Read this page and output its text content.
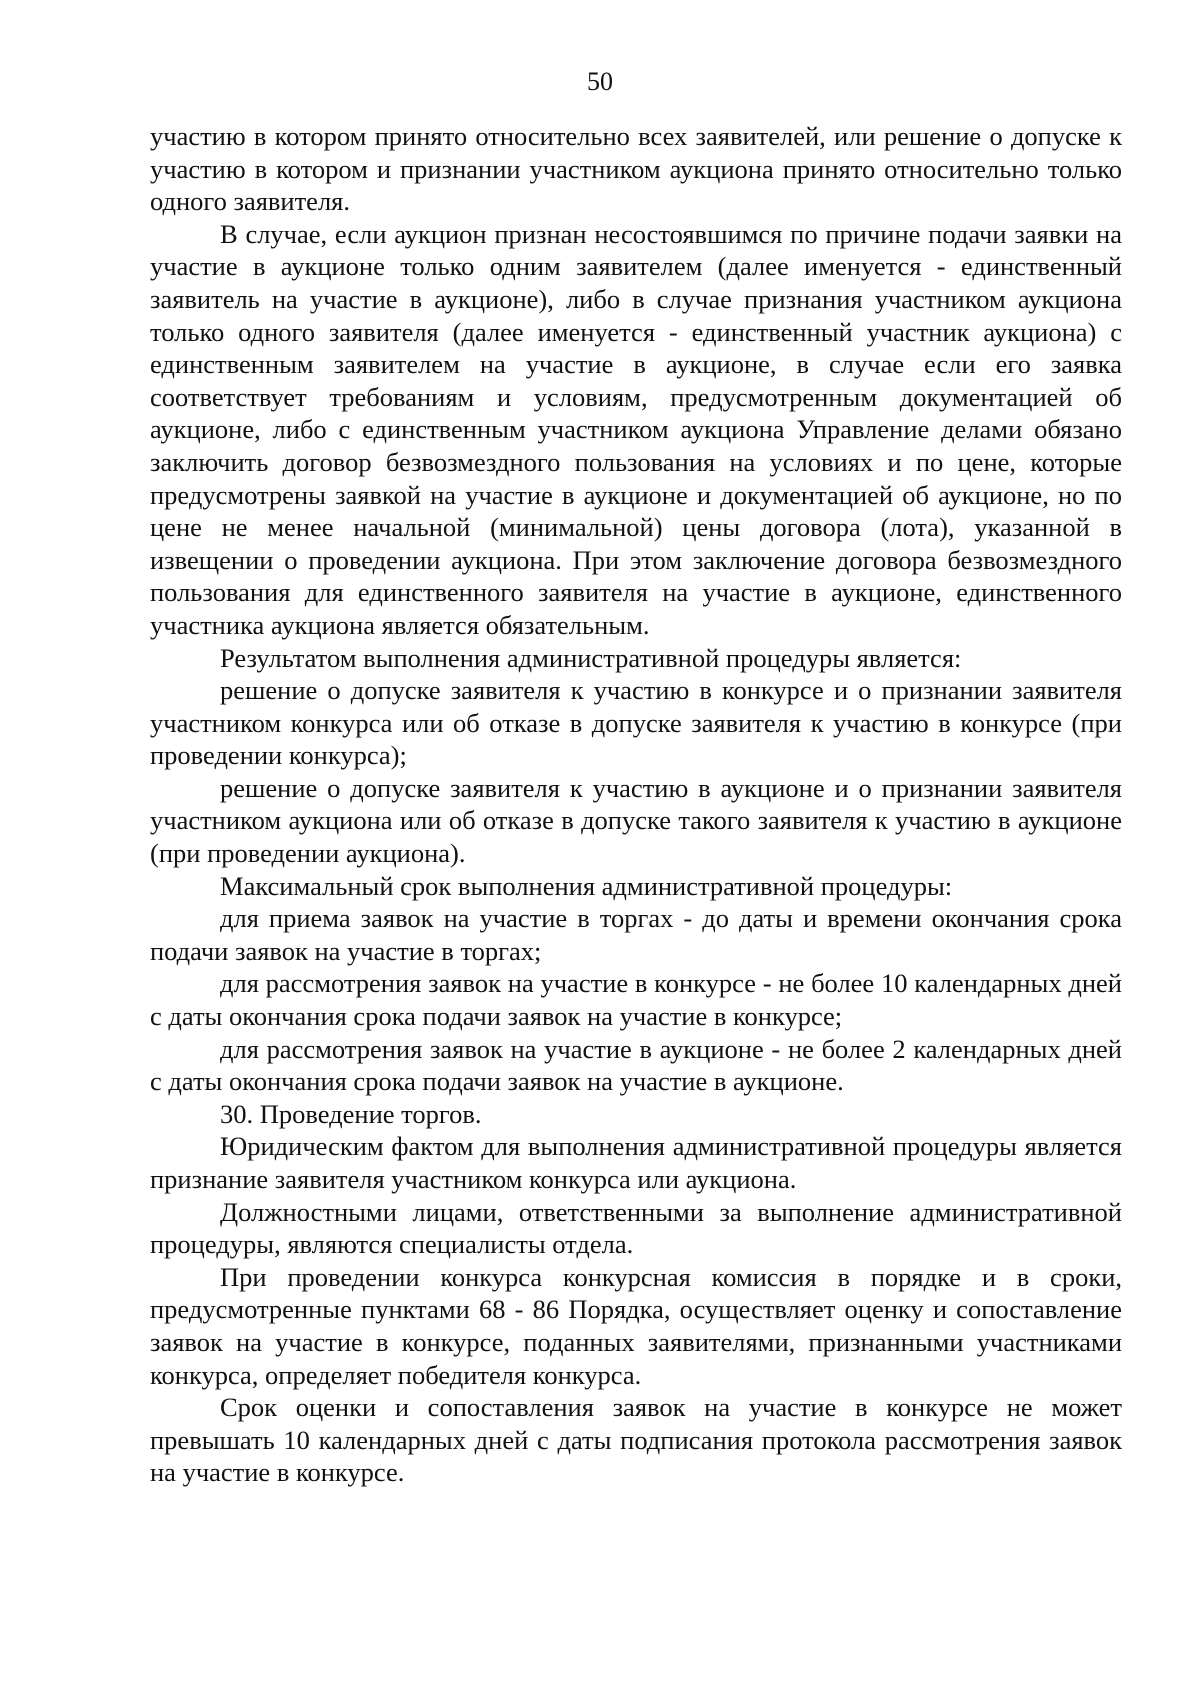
50

участию в котором принято относительно всех заявителей, или решение о допуске к участию в котором и признании участником аукциона принято относительно только одного заявителя.

В случае, если аукцион признан несостоявшимся по причине подачи заявки на участие в аукционе только одним заявителем (далее именуется - единственный заявитель на участие в аукционе), либо в случае признания участником аукциона только одного заявителя (далее именуется - единственный участник аукциона) с единственным заявителем на участие в аукционе, в случае если его заявка соответствует требованиям и условиям, предусмотренным документацией об аукционе, либо с единственным участником аукциона Управление делами обязано заключить договор безвозмездного пользования на условиях и по цене, которые предусмотрены заявкой на участие в аукционе и документацией об аукционе, но по цене не менее начальной (минимальной) цены договора (лота), указанной в извещении о проведении аукциона. При этом заключение договора безвозмездного пользования для единственного заявителя на участие в аукционе, единственного участника аукциона является обязательным.

Результатом выполнения административной процедуры является:

решение о допуске заявителя к участию в конкурсе и о признании заявителя участником конкурса или об отказе в допуске заявителя к участию в конкурсе (при проведении конкурса);

решение о допуске заявителя к участию в аукционе и о признании заявителя участником аукциона или об отказе в допуске такого заявителя к участию в аукционе (при проведении аукциона).

Максимальный срок выполнения административной процедуры:

для приема заявок на участие в торгах - до даты и времени окончания срока подачи заявок на участие в торгах;

для рассмотрения заявок на участие в конкурсе - не более 10 календарных дней с даты окончания срока подачи заявок на участие в конкурсе;

для рассмотрения заявок на участие в аукционе - не более 2 календарных дней с даты окончания срока подачи заявок на участие в аукционе.

30. Проведение торгов.

Юридическим фактом для выполнения административной процедуры является признание заявителя участником конкурса или аукциона.

Должностными лицами, ответственными за выполнение административной процедуры, являются специалисты отдела.

При проведении конкурса конкурсная комиссия в порядке и в сроки, предусмотренные пунктами 68 - 86 Порядка, осуществляет оценку и сопоставление заявок на участие в конкурсе, поданных заявителями, признанными участниками конкурса, определяет победителя конкурса.

Срок оценки и сопоставления заявок на участие в конкурсе не может превышать 10 календарных дней с даты подписания протокола рассмотрения заявок на участие в конкурсе.
